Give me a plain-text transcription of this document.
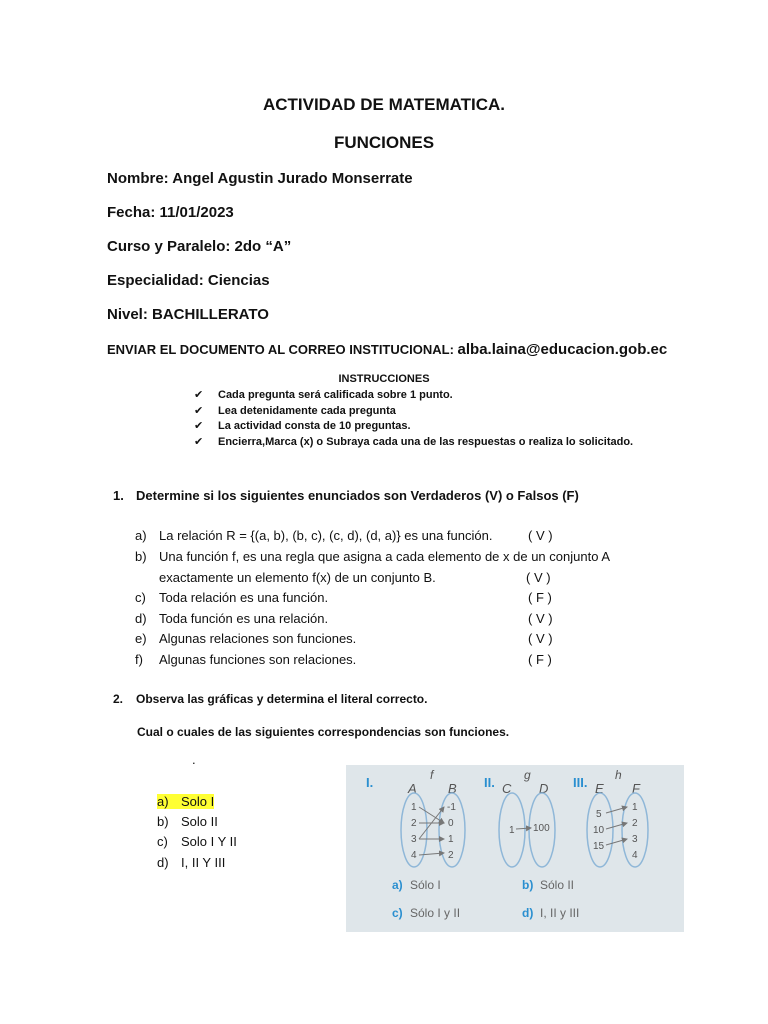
ACTIVIDAD DE MATEMATICA.
FUNCIONES
Nombre: Angel Agustin Jurado Monserrate
Fecha: 11/01/2023
Curso y Paralelo: 2do “A”
Especialidad: Ciencias
Nivel: BACHILLERATO
ENVIAR EL DOCUMENTO AL CORREO INSTITUCIONAL: alba.laina@educacion.gob.ec
INSTRUCCIONES
✔ Cada pregunta será calificada sobre 1 punto.
✔ Lea detenidamente cada pregunta
✔ La actividad consta de 10 preguntas.
✔ Encierra,Marca (x) o Subraya cada una de las respuestas o realiza lo solicitado.
1. Determine si los siguientes enunciados son Verdaderos (V) o Falsos (F)
a) La relación R = {(a, b), (b, c), (c, d), (d, a)} es una función.	( V )
b) Una función f, es una regla que asigna a cada elemento de x de un conjunto A
exactamente un elemento f(x) de un conjunto B.	( V )
c) Toda relación es una función.	( F )
d) Toda función es una relación.	( V )
e) Algunas relaciones son funciones.	( V )
f) Algunas funciones son relaciones.	( F )
2. Observa las gráficas y determina el literal correcto.
Cual o cuales de las siguientes correspondencias son funciones.
.
a) Solo I
b) Solo II
c) Solo I Y II
d) I, II Y III
I.	f
A B
1
2
3
4
-1
0
1
2
II. g
C D
1 100
III. h
E F
5
10
15
1
2
3
4
a) Sólo I	b) Sólo II
c) Sólo I y II	d) I, II y III
